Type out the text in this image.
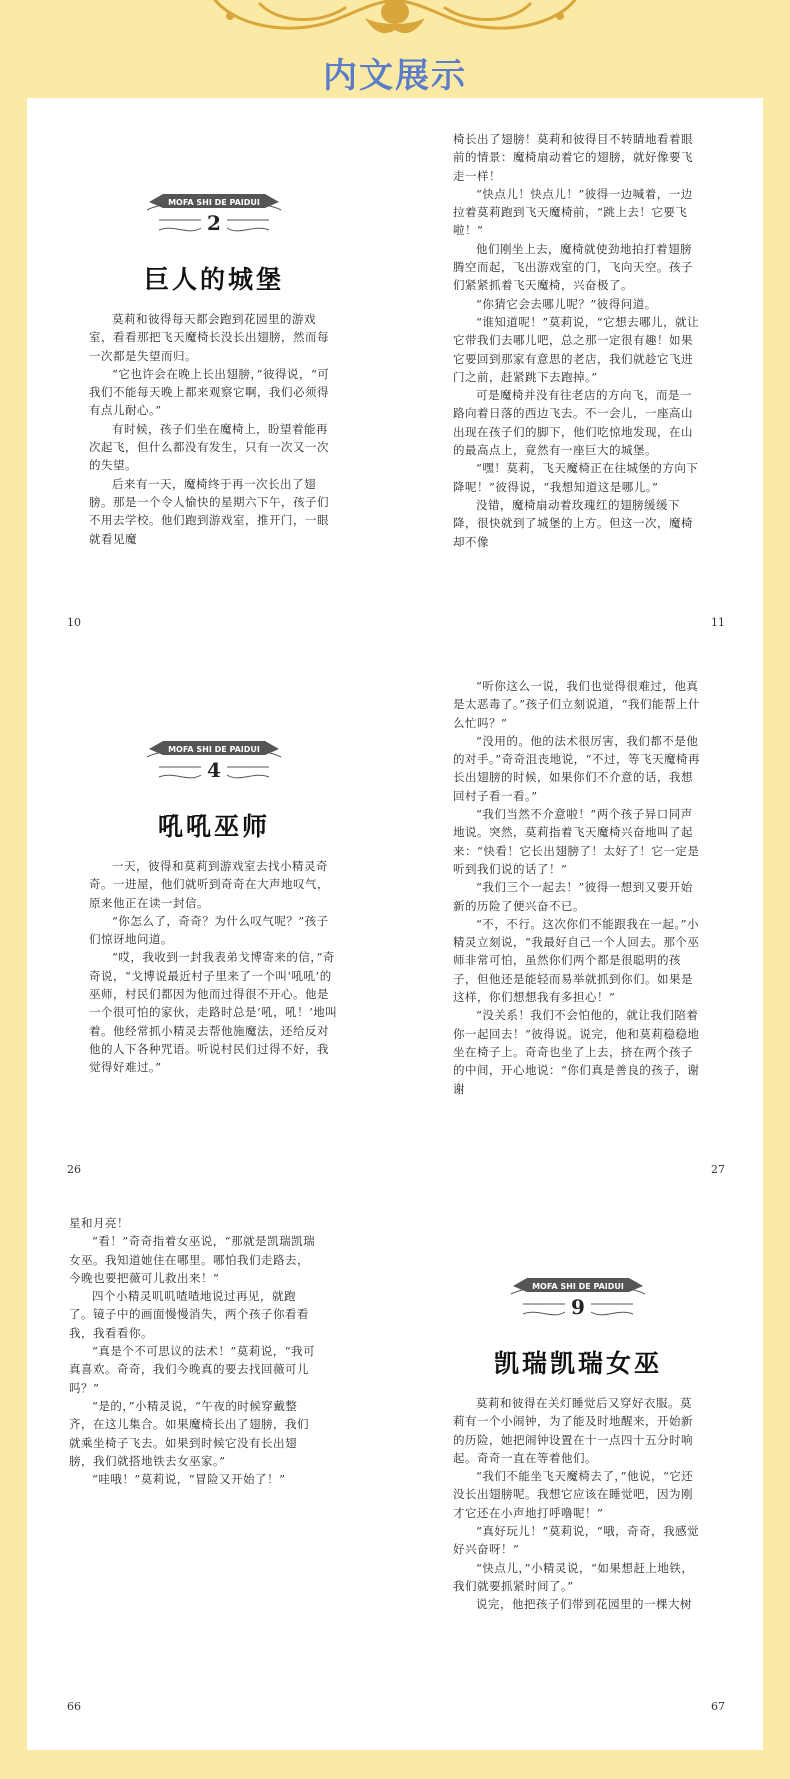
内文展示
MOFA SHI DE PAIDUI
2
巨人的城堡

莫莉和彼得每天都会跑到花园里的游戏室，看看那把飞天魔椅长没长出翅膀，然而每一次都是失望而归。

“它也许会在晚上长出翅膀，”彼得说，“可我们不能每天晚上都来观察它啊，我们必须得有点儿耐心。”

有时候，孩子们坐在魔椅上，盼望着能再次起飞，但什么都没有发生，只有一次又一次的失望。

后来有一天，魔椅终于再一次长出了翅膀。那是一个令人愉快的星期六下午，孩子们不用去学校。他们跑到游戏室，推开门，一眼就看见魔

10

椅长出了翅膀！莫莉和彼得目不转睛地看着眼前的情景：魔椅扇动着它的翅膀，就好像要飞走一样！

“快点儿！快点儿！”彼得一边喊着，一边拉着莫莉跑到飞天魔椅前，“跳上去！它要飞啦！”

他们刚坐上去，魔椅就使劲地拍打着翅膀腾空而起，飞出游戏室的门，飞向天空。孩子们紧紧抓着飞天魔椅，兴奋极了。

“你猜它会去哪儿呢？”彼得问道。

“谁知道呢！”莫莉说，“它想去哪儿，就让它带我们去哪儿吧，总之那一定很有趣！如果它要回到那家有意思的老店，我们就趁它飞进门之前，赶紧跳下去跑掉。”

可是魔椅并没有往老店的方向飞，而是一路向着日落的西边飞去。不一会儿，一座高山出现在孩子们的脚下，他们吃惊地发现，在山的最高点上，竟然有一座巨大的城堡。

“嘿！莫莉，飞天魔椅正在往城堡的方向下降呢！”彼得说，“我想知道这是哪儿。”

没错，魔椅扇动着玫瑰红的翅膀缓缓下降，很快就到了城堡的上方。但这一次，魔椅却不像

11
MOFA SHI DE PAIDUI
4
吼吼巫师

一天，彼得和莫莉到游戏室去找小精灵奇奇。一进屋，他们就听到奇奇在大声地叹气，原来他正在读一封信。

“你怎么了，奇奇？为什么叹气呢？”孩子们惊讶地问道。

“哎，我收到一封我表弟戈博寄来的信，”奇奇说，“戈博说最近村子里来了一个叫‘吼吼’的巫师，村民们都因为他而过得很不开心。他是一个很可怕的家伙，走路时总是‘吼，吼！’地叫着。他经常抓小精灵去帮他施魔法，还给反对他的人下各种咒语。听说村民们过得不好，我觉得好难过。”

26

“听你这么一说，我们也觉得很难过，他真是太恶毒了。”孩子们立刻说道，“我们能帮上什么忙吗？”

“没用的。他的法术很厉害，我们都不是他的对手。”奇奇沮丧地说，“不过，等飞天魔椅再长出翅膀的时候，如果你们不介意的话，我想回村子看一看。”

“我们当然不介意啦！”两个孩子异口同声地说。突然，莫莉指着飞天魔椅兴奋地叫了起来：“快看！它长出翅膀了！太好了！它一定是听到我们说的话了！”

“我们三个一起去！”彼得一想到又要开始新的历险了便兴奋不已。

“不，不行。这次你们不能跟我在一起。”小精灵立刻说，“我最好自己一个人回去。那个巫师非常可怕，虽然你们两个都是很聪明的孩子，但他还是能轻而易举就抓到你们。如果是这样，你们想想我有多担心！”

“没关系！我们不会怕他的，就让我们陪着你一起回去！”彼得说。说完，他和莫莉稳稳地坐在椅子上。奇奇也坐了上去，挤在两个孩子的中间，开心地说：“你们真是善良的孩子，谢谢

27

星和月亮！

“看！”奇奇指着女巫说，“那就是凯瑞凯瑞女巫。我知道她住在哪里。哪怕我们走路去，今晚也要把薇可儿救出来！”

四个小精灵叽叽喳喳地说过再见，就跑了。镜子中的画面慢慢消失，两个孩子你看看我，我看看你。

“真是个不可思议的法术！”莫莉说，“我可真喜欢。奇奇，我们今晚真的要去找回薇可儿吗？”

“是的，”小精灵说，“午夜的时候穿戴整齐，在这儿集合。如果魔椅长出了翅膀，我们就乘坐椅子飞去。如果到时候它没有长出翅膀，我们就搭地铁去女巫家。”

“哇哦！”莫莉说，“冒险又开始了！”

66
MOFA SHI DE PAIDUI
9
凯瑞凯瑞女巫

莫莉和彼得在关灯睡觉后又穿好衣服。莫莉有一个小闹钟，为了能及时地醒来，开始新的历险，她把闹钟设置在十一点四十五分时响起。奇奇一直在等着他们。

“我们不能坐飞天魔椅去了，”他说，“它还没长出翅膀呢。我想它应该在睡觉吧，因为刚才它还在小声地打呼噜呢！”

“真好玩儿！”莫莉说，“哦，奇奇，我感觉好兴奋呀！”

“快点儿，”小精灵说，“如果想赶上地铁，我们就要抓紧时间了。”

说完，他把孩子们带到花园里的一棵大树

67
